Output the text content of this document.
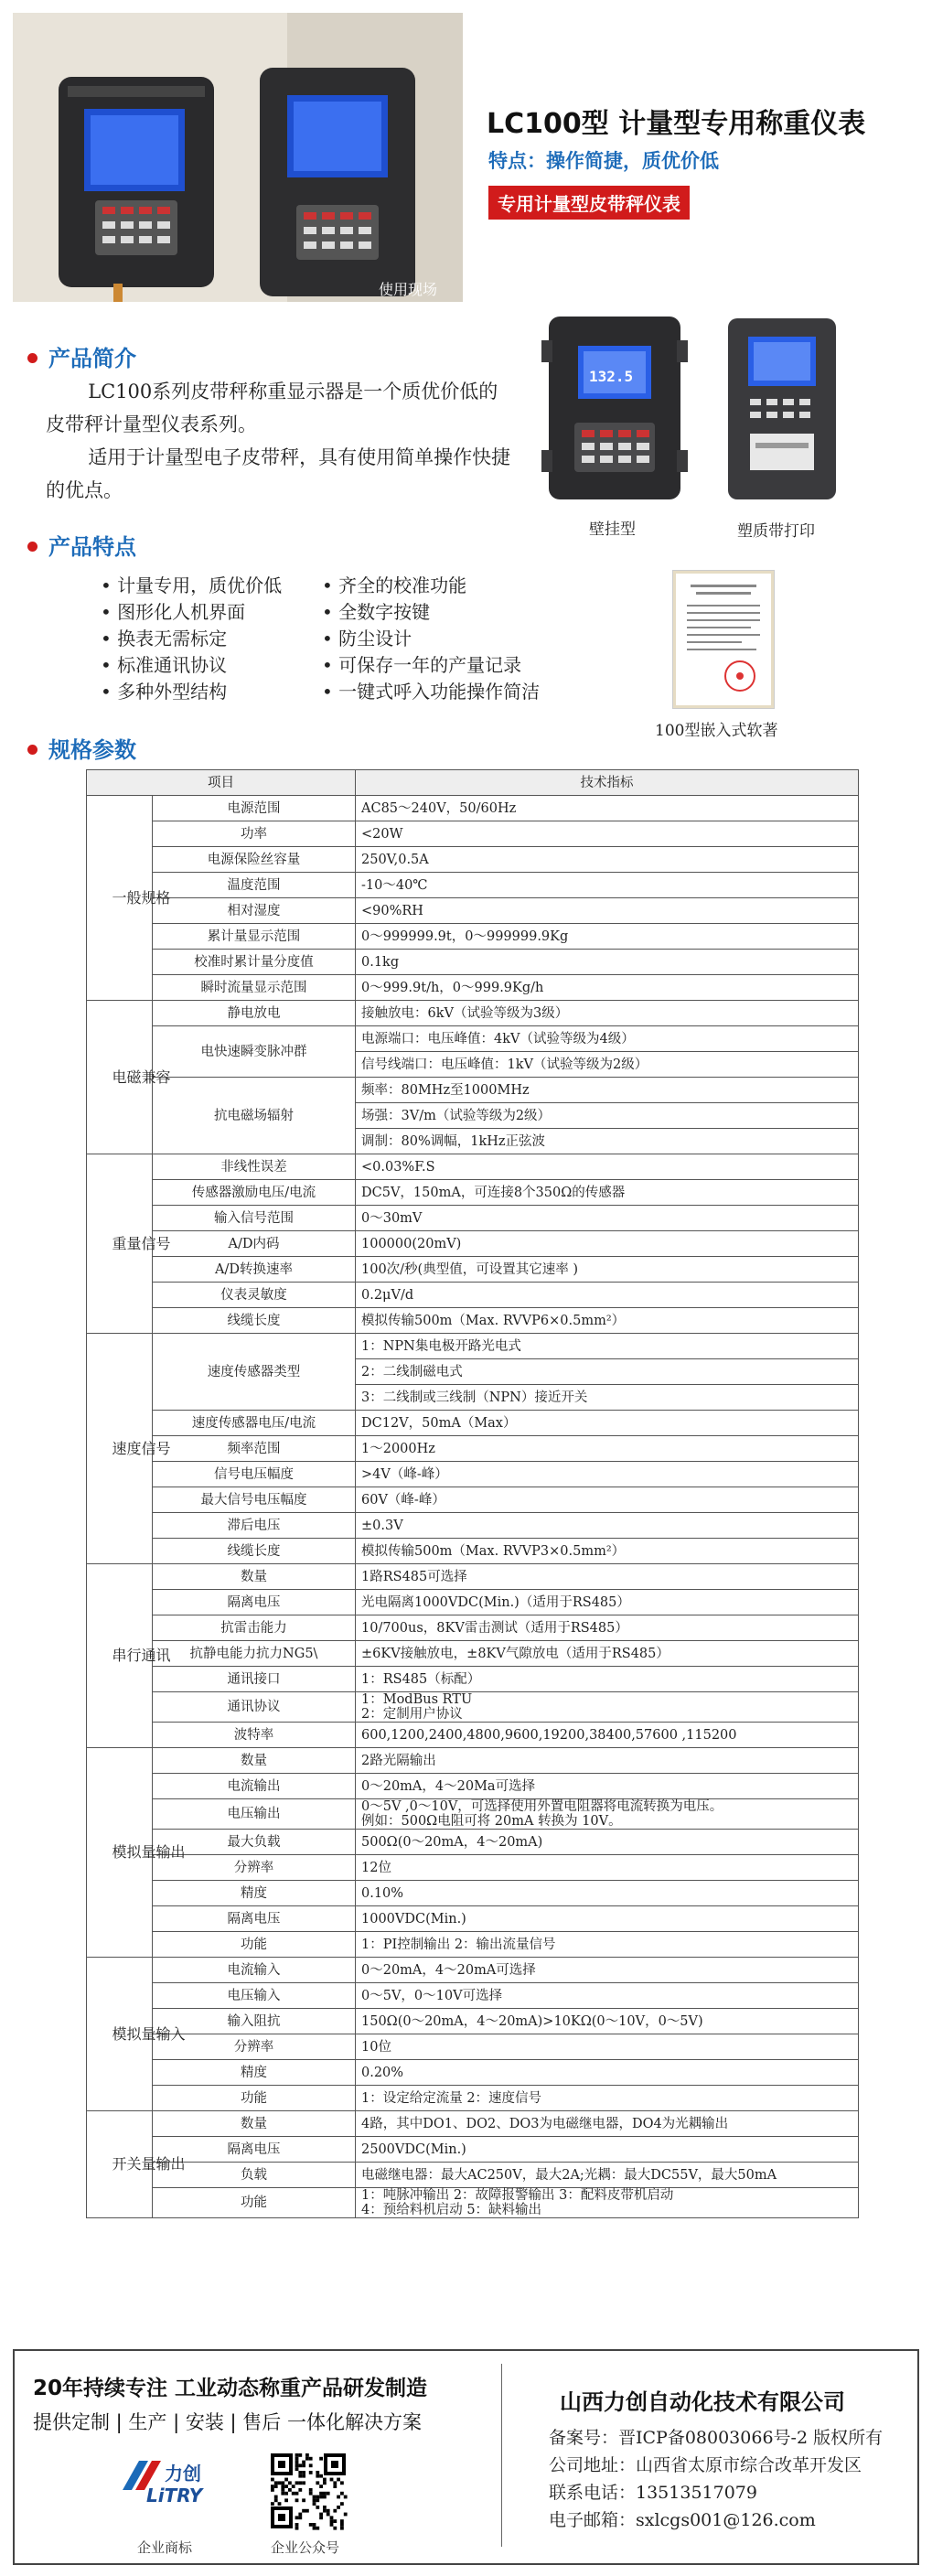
使用现场
LC100型 计量型专用称重仪表
特点：操作简捷，质优价低
专用计量型皮带秤仪表
产品简介

LC100系列皮带秤称重显示器是一个质优价低的皮带秤计量型仪表系列。

适用于计量型电子皮带秤，具有使用简单操作快捷的优点。

132.5
壁挂型	塑质带打印
产品特点
• 计量专用，质优价低
• 图形化人机界面
• 换表无需标定
• 标准通讯协议
• 多种外型结构
• 齐全的校准功能
• 全数字按键
• 防尘设计
• 可保存一年的产量记录
• 一键式呼入功能操作简洁
100型嵌入式软著
规格参数
项目		技术指标
一般规格	电源范围	AC85～240V，50/60Hz

	功率	<20W

	电源保险丝容量	250V,0.5A

	温度范围	-10～40℃

	相对湿度	<90%RH

	累计量显示范围	0～999999.9t，0～999999.9Kg

	校准时累计量分度值	0.1kg

	瞬时流量显示范围	0～999.9t/h，0～999.9Kg/h

电磁兼容	静电放电	接触放电：6kV（试验等级为3级）

	电快速瞬变脉冲群	电源端口：电压峰值：4kV（试验等级为4级）

		信号线端口：电压峰值：1kV（试验等级为2级）

	抗电磁场辐射	频率：80MHz至1000MHz

		场强：3V/m（试验等级为2级）

		调制：80%调幅，1kHz正弦波

重量信号	非线性误差	<0.03%F.S

	传感器激励电压/电流	DC5V，150mA，可连接8个350Ω的传感器

	输入信号范围	0～30mV

	A/D内码	100000(20mV)

	A/D转换速率	100次/秒(典型值，可设置其它速率 )

	仪表灵敏度	0.2μV/d

	线缆长度	模拟传输500m（Max. RVVP6×0.5mm²）

速度信号	速度传感器类型	1：NPN集电极开路光电式

		2：二线制磁电式

		3：二线制或三线制（NPN）接近开关

	速度传感器电压/电流	DC12V，50mA（Max）

	频率范围	1～2000Hz

	信号电压幅度	>4V（峰-峰）

	最大信号电压幅度	60V（峰-峰）

	滞后电压	±0.3V

	线缆长度	模拟传输500m（Max. RVVP3×0.5mm²）

串行通讯	数量	1路RS485可选择

	隔离电压	光电隔离1000VDC(Min.)（适用于RS485）

	抗雷击能力	10/700us，8KV雷击测试（适用于RS485）

	抗静电能力抗力NG5\	±6KV接触放电，±8KV气隙放电（适用于RS485）

	通讯接口	1：RS485（标配）

	通讯协议	1：ModBus RTU
2：定制用户协议

	波特率	600,1200,2400,4800,9600,19200,38400,57600 ,115200

模拟量输出	数量	2路光隔输出

	电流输出	0～20mA，4～20Ma可选择

	电压输出	0～5V ,0～10V，可选择使用外置电阻器将电流转换为电压。
例如：500Ω电阻可将 20mA 转换为 10V。

	最大负载	500Ω(0～20mA，4～20mA)

	分辨率	12位

	精度	0.10%

	隔离电压	1000VDC(Min.)

	功能	1：PI控制输出 2：输出流量信号

模拟量输入	电流输入	0～20mA，4～20mA可选择

	电压输入	0～5V，0～10V可选择

	输入阻抗	150Ω(0～20mA，4～20mA)>10KΩ(0～10V，0～5V)

	分辨率	10位

	精度	0.20%

	功能	1：设定给定流量 2：速度信号

开关量输出	数量	4路，其中DO1、DO2、DO3为电磁继电器，DO4为光耦输出

	隔离电压	2500VDC(Min.)

	负载	电磁继电器：最大AC250V，最大2A;光耦：最大DC55V，最大50mA

	功能	1：吨脉冲输出 2：故障报警输出 3：配料皮带机启动
4：预给料机启动 5：缺料输出
20年持续专注 工业动态称重产品研发制造
提供定制 | 生产 | 安装 | 售后 一体化解决方案
力创
LiTRY
企业商标	企业公众号
山西力创自动化技术有限公司
备案号：晋ICP备08003066号-2 版权所有
公司地址：山西省太原市综合改革开发区
联系电话：13513517079
电子邮箱：sxlcgs001@126.com
